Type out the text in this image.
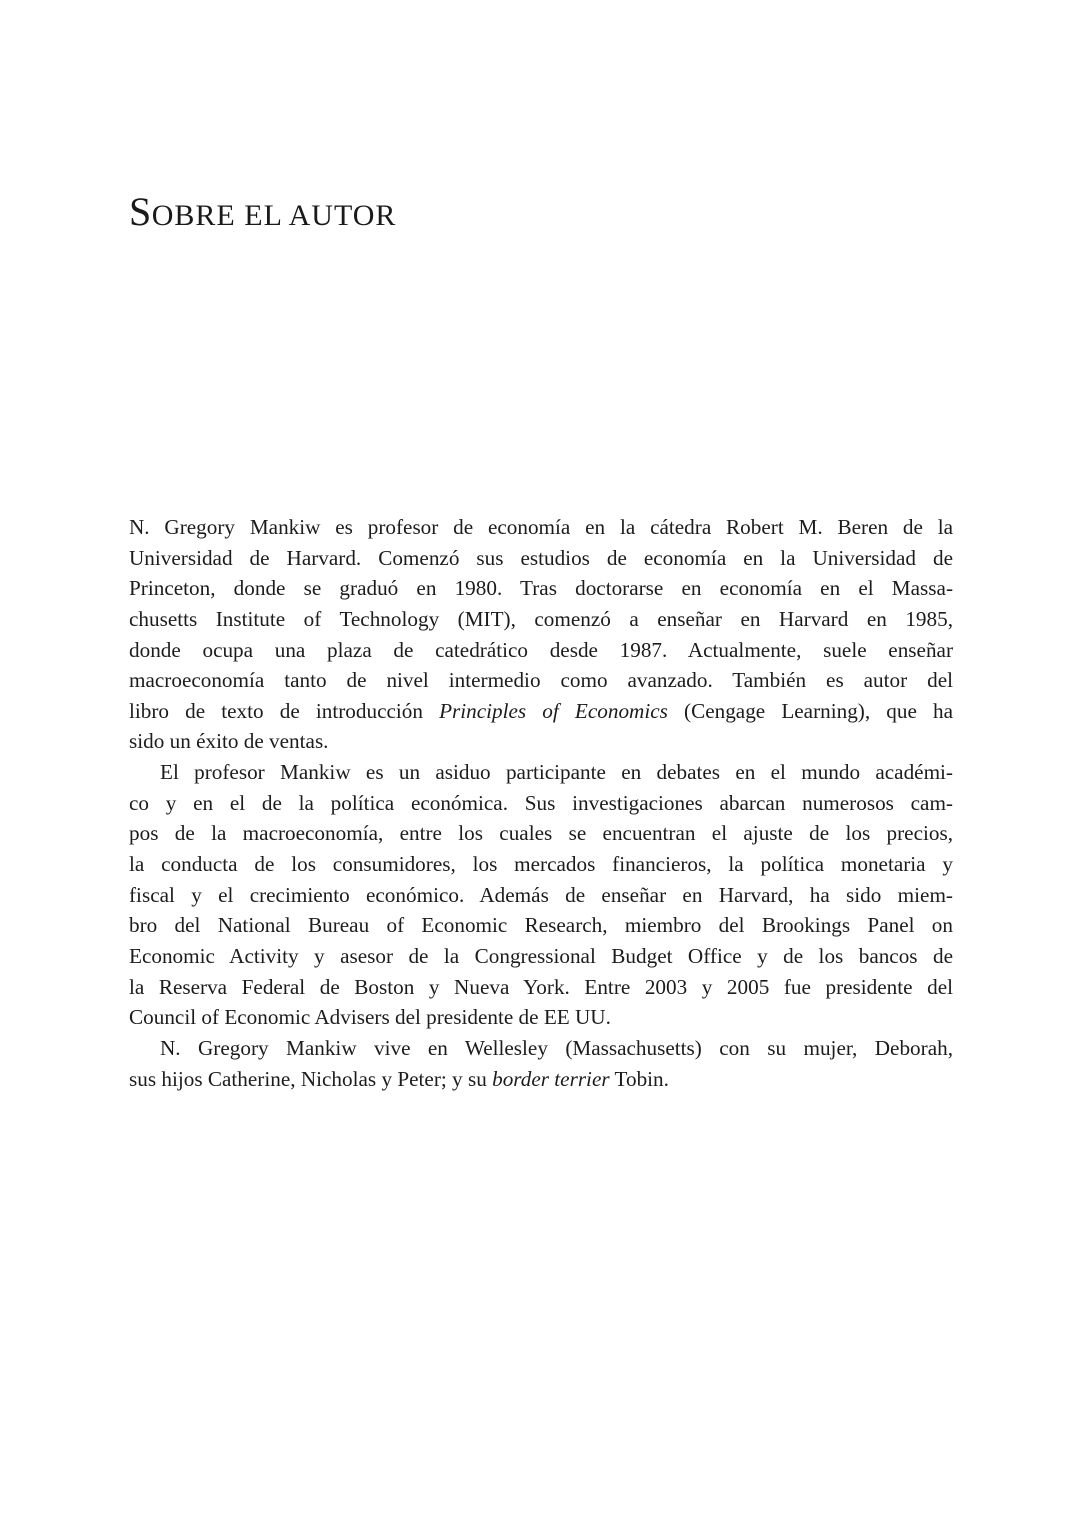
SOBRE EL AUTOR
N. Gregory Mankiw es profesor de economía en la cátedra Robert M. Beren de la
Universidad de Harvard. Comenzó sus estudios de economía en la Universidad de
Princeton, donde se graduó en 1980. Tras doctorarse en economía en el Massa-
chusetts Institute of Technology (MIT), comenzó a enseñar en Harvard en 1985,
donde ocupa una plaza de catedrático desde 1987. Actualmente, suele enseñar
macroeconomía tanto de nivel intermedio como avanzado. También es autor del
libro de texto de introducción Principles of Economics (Cengage Learning), que ha
sido un éxito de ventas.
El profesor Mankiw es un asiduo participante en debates en el mundo académi-
co y en el de la política económica. Sus investigaciones abarcan numerosos cam-
pos de la macroeconomía, entre los cuales se encuentran el ajuste de los precios,
la conducta de los consumidores, los mercados financieros, la política monetaria y
fiscal y el crecimiento económico. Además de enseñar en Harvard, ha sido miem-
bro del National Bureau of Economic Research, miembro del Brookings Panel on
Economic Activity y asesor de la Congressional Budget Office y de los bancos de
la Reserva Federal de Boston y Nueva York. Entre 2003 y 2005 fue presidente del
Council of Economic Advisers del presidente de EE UU.
N. Gregory Mankiw vive en Wellesley (Massachusetts) con su mujer, Deborah,
sus hijos Catherine, Nicholas y Peter; y su border terrier Tobin.
